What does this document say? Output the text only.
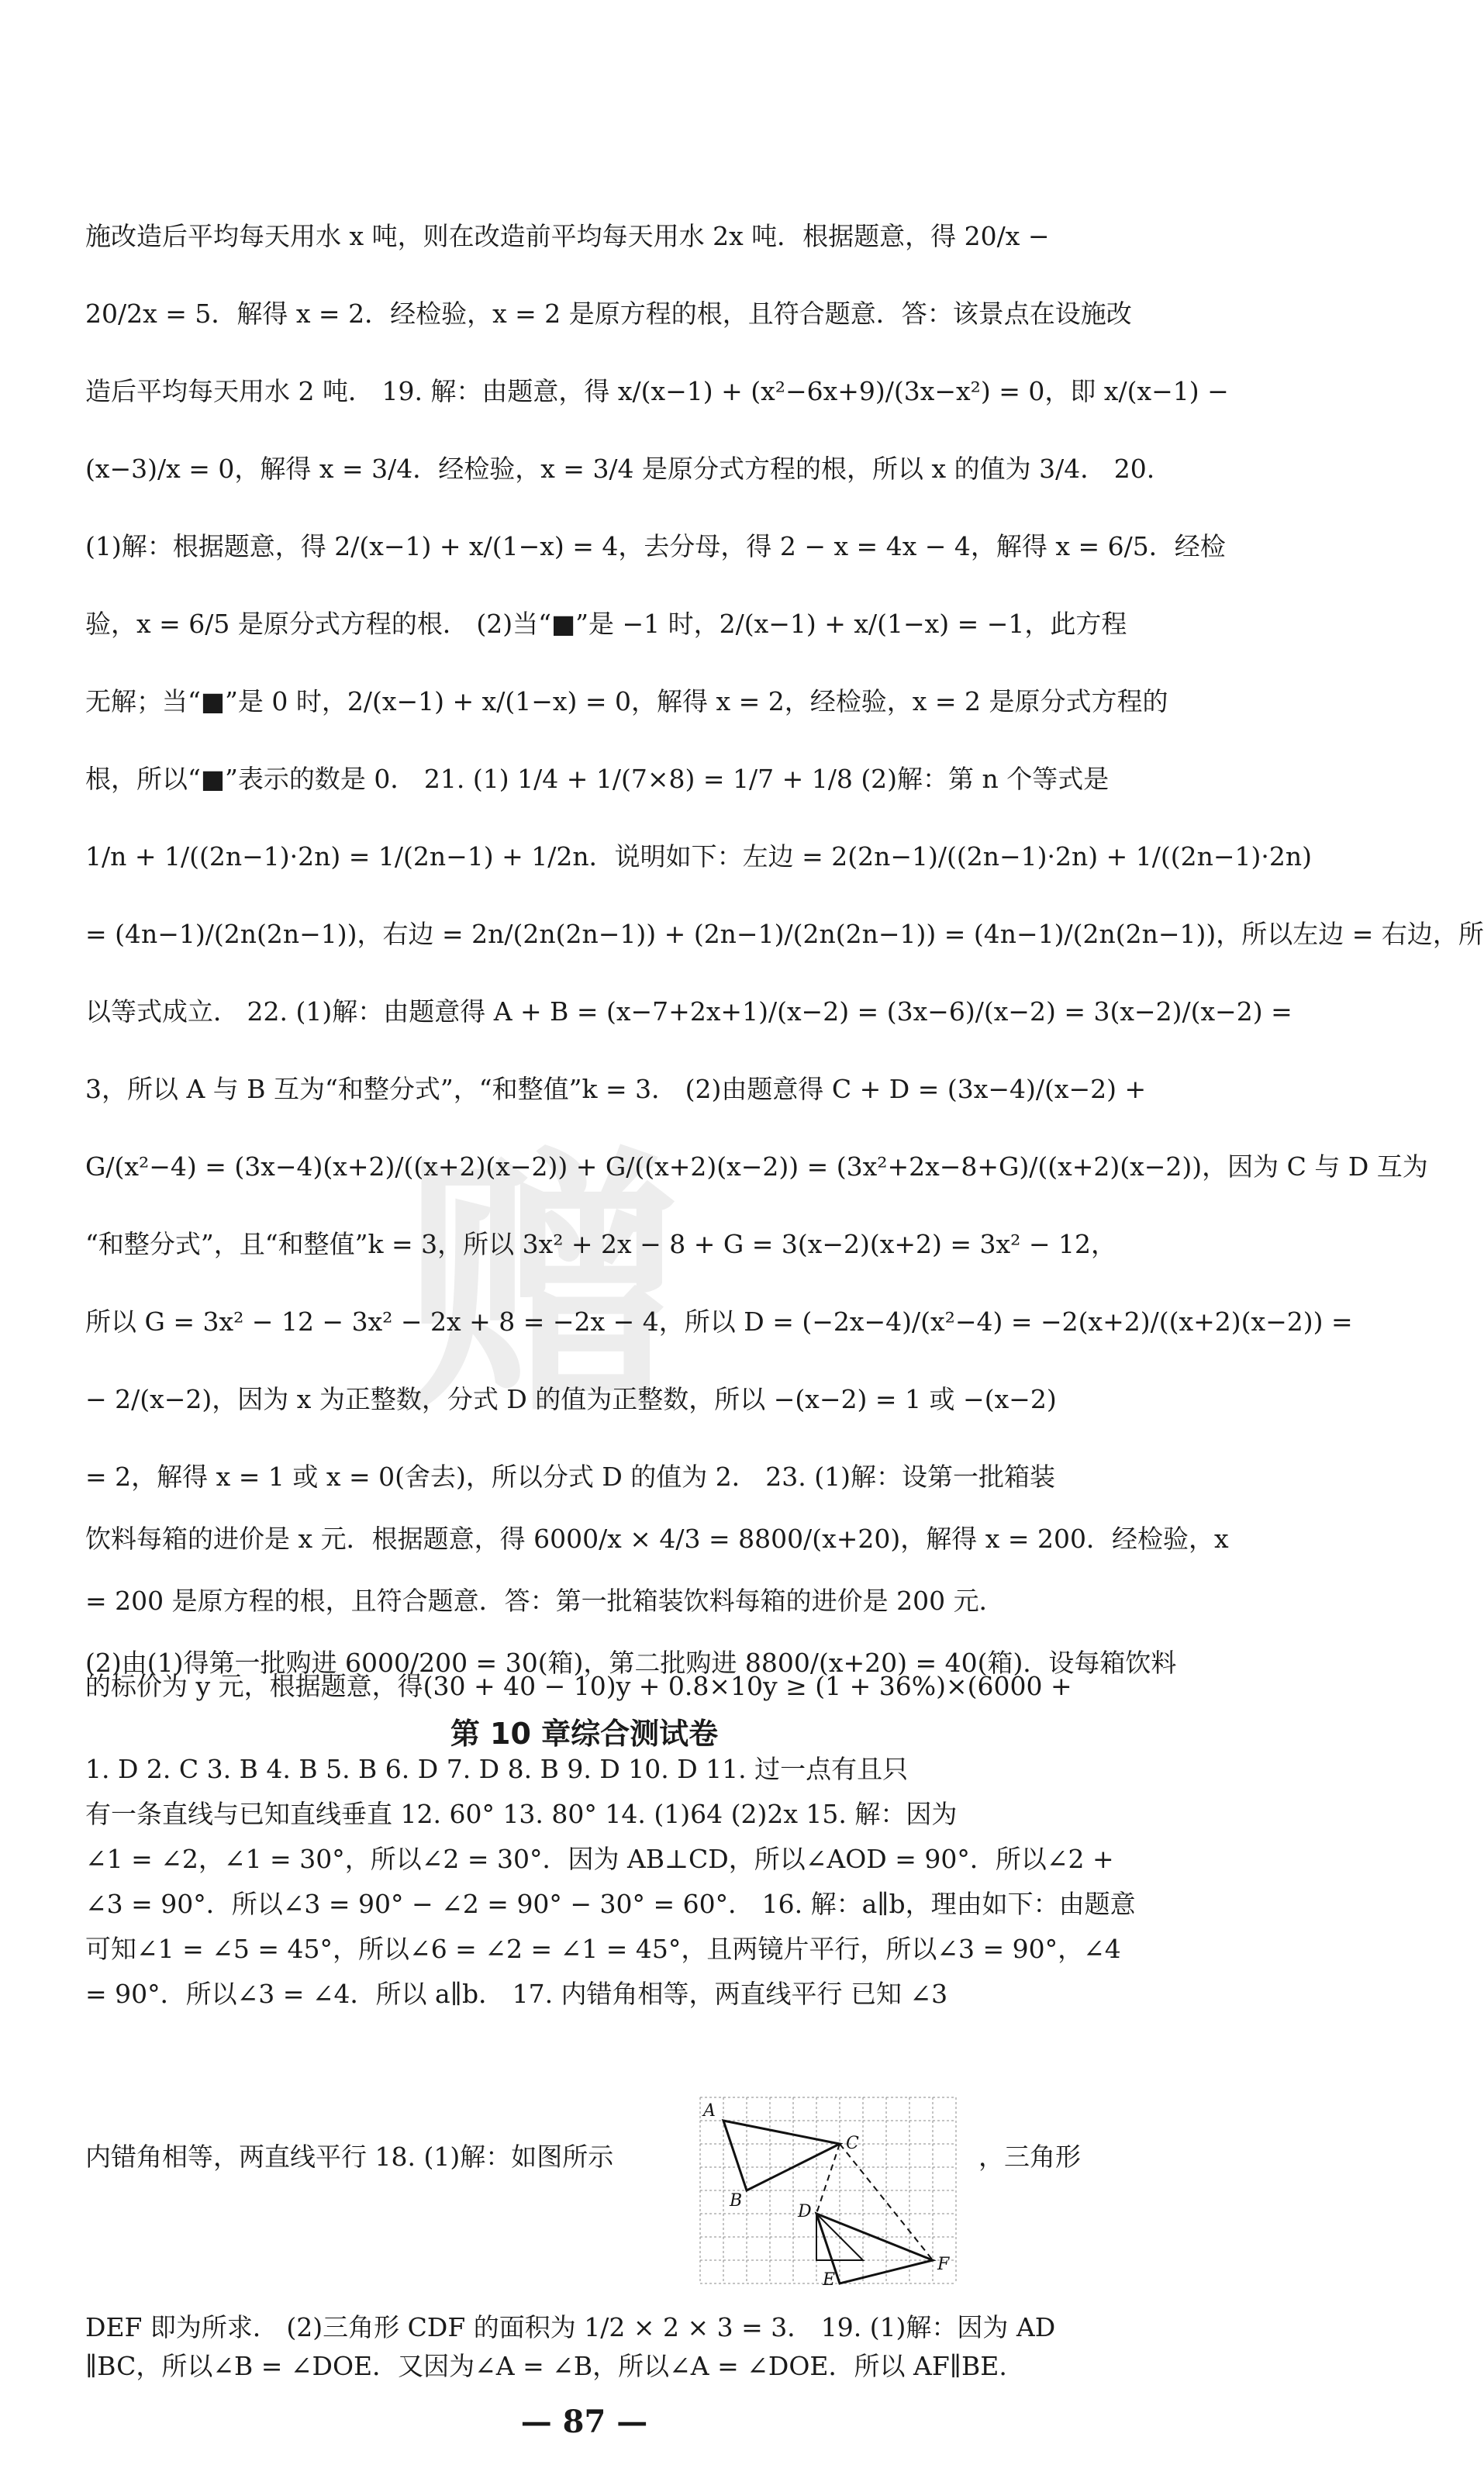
赠
施改造后平均每天用水 x 吨，则在改造前平均每天用水 2x 吨．根据题意，得 20/x −
20/2x = 5．解得 x = 2．经检验，x = 2 是原方程的根，且符合题意．答：该景点在设施改
造后平均每天用水 2 吨． 19. 解：由题意，得 x/(x−1) + (x²−6x+9)/(3x−x²) = 0，即 x/(x−1) −
(x−3)/x = 0，解得 x = 3/4．经检验，x = 3/4 是原分式方程的根，所以 x 的值为 3/4． 20.
(1)解：根据题意，得 2/(x−1) + x/(1−x) = 4，去分母，得 2 − x = 4x − 4，解得 x = 6/5．经检
验，x = 6/5 是原分式方程的根． (2)当“■”是 −1 时，2/(x−1) + x/(1−x) = −1，此方程
无解；当“■”是 0 时，2/(x−1) + x/(1−x) = 0，解得 x = 2，经检验，x = 2 是原分式方程的
根，所以“■”表示的数是 0． 21. (1) 1/4 + 1/(7×8) = 1/7 + 1/8 (2)解：第 n 个等式是
1/n + 1/((2n−1)·2n) = 1/(2n−1) + 1/2n．说明如下：左边 = 2(2n−1)/((2n−1)·2n) + 1/((2n−1)·2n)
= (4n−1)/(2n(2n−1))，右边 = 2n/(2n(2n−1)) + (2n−1)/(2n(2n−1)) = (4n−1)/(2n(2n−1))，所以左边 = 右边，所
以等式成立． 22. (1)解：由题意得 A + B = (x−7+2x+1)/(x−2) = (3x−6)/(x−2) = 3(x−2)/(x−2) =
3，所以 A 与 B 互为“和整分式”，“和整值”k = 3． (2)由题意得 C + D = (3x−4)/(x−2) +
G/(x²−4) = (3x−4)(x+2)/((x+2)(x−2)) + G/((x+2)(x−2)) = (3x²+2x−8+G)/((x+2)(x−2))，因为 C 与 D 互为
“和整分式”，且“和整值”k = 3，所以 3x² + 2x − 8 + G = 3(x−2)(x+2) = 3x² − 12，
所以 G = 3x² − 12 − 3x² − 2x + 8 = −2x − 4，所以 D = (−2x−4)/(x²−4) = −2(x+2)/((x+2)(x−2)) =
− 2/(x−2)，因为 x 为正整数，分式 D 的值为正整数，所以 −(x−2) = 1 或 −(x−2)
= 2，解得 x = 1 或 x = 0(舍去)，所以分式 D 的值为 2． 23. (1)解：设第一批箱装
饮料每箱的进价是 x 元．根据题意，得 6000/x × 4/3 = 8800/(x+20)，解得 x = 200．经检验，x
= 200 是原方程的根，且符合题意．答：第一批箱装饮料每箱的进价是 200 元．
(2)由(1)得第一批购进 6000/200 = 30(箱)，第二批购进 8800/(x+20) = 40(箱)．设每箱饮料
的标价为 y 元，根据题意，得(30 + 40 − 10)y + 0.8×10y ≥ (1 + 36%)×(6000 +
第 10 章综合测试卷
1. D 2. C 3. B 4. B 5. B 6. D 7. D 8. B 9. D 10. D 11. 过一点有且只
有一条直线与已知直线垂直 12. 60° 13. 80° 14. (1)64 (2)2x 15. 解：因为
∠1 = ∠2，∠1 = 30°，所以∠2 = 30°．因为 AB⊥CD，所以∠AOD = 90°．所以∠2 +
∠3 = 90°．所以∠3 = 90° − ∠2 = 90° − 30° = 60°． 16. 解：a∥b，理由如下：由题意
可知∠1 = ∠5 = 45°，所以∠6 = ∠2 = ∠1 = 45°，且两镜片平行，所以∠3 = 90°，∠4
= 90°．所以∠3 = ∠4．所以 a∥b． 17. 内错角相等，两直线平行 已知 ∠3
内错角相等，两直线平行 18. (1)解：如图所示	，三角形
A
B
C
D
E
F
DEF 即为所求． (2)三角形 CDF 的面积为 1/2 × 2 × 3 = 3． 19. (1)解：因为 AD
∥BC，所以∠B = ∠DOE．又因为∠A = ∠B，所以∠A = ∠DOE．所以 AF∥BE.
— 87 —
